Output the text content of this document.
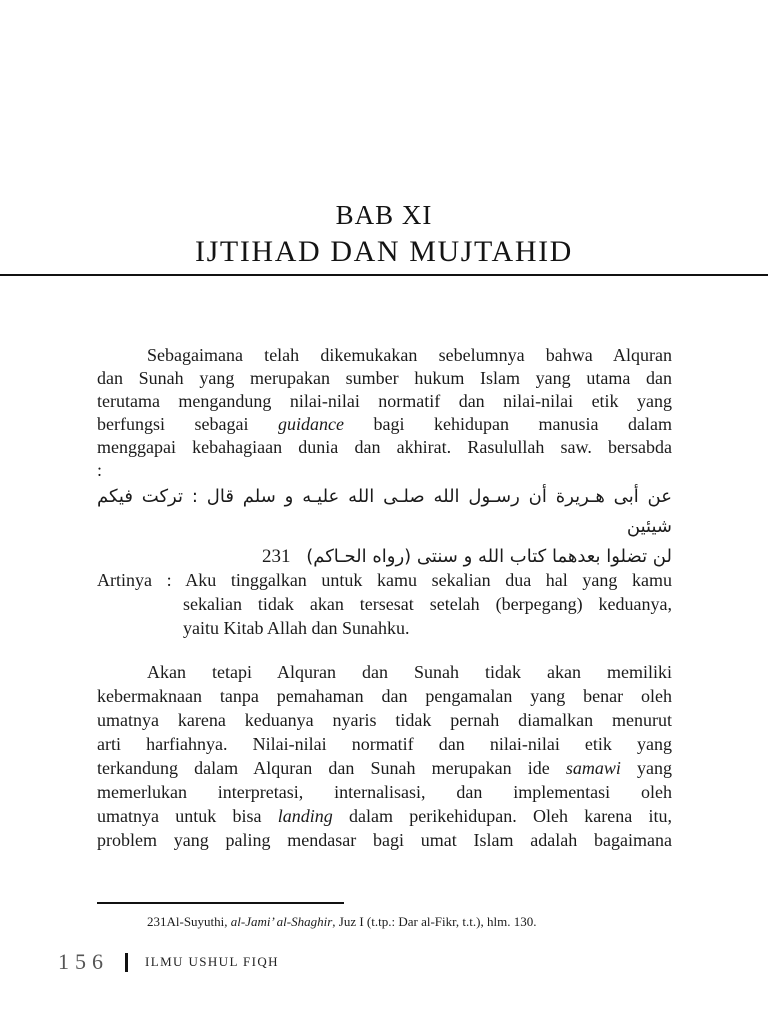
BAB XI
IJTIHAD DAN MUJTAHID
Sebagaimana telah dikemukakan sebelumnya bahwa Alquran
dan Sunah yang merupakan sumber hukum Islam yang utama dan
terutama mengandung nilai-nilai normatif dan nilai-nilai etik yang
berfungsi sebagai guidance bagi kehidupan manusia dalam
menggapai kebahagiaan dunia dan akhirat. Rasulullah saw. bersabda
:
عن أبى هـريرة أن رسـول الله صلـى الله عليـه و سلم قال : تركت فيكم شيئين
لن تضلوا بعدهما كتاب الله و سنتى (رواه الحـاكم) 231
Artinya : Aku tinggalkan untuk kamu sekalian dua hal yang kamu
sekalian tidak akan tersesat setelah (berpegang) keduanya,
yaitu Kitab Allah dan Sunahku.
Akan tetapi Alquran dan Sunah tidak akan memiliki
kebermaknaan tanpa pemahaman dan pengamalan yang benar oleh
umatnya karena keduanya nyaris tidak pernah diamalkan menurut
arti harfiahnya. Nilai-nilai normatif dan nilai-nilai etik yang
terkandung dalam Alquran dan Sunah merupakan ide samawi yang
memerlukan interpretasi, internalisasi, dan implementasi oleh
umatnya untuk bisa landing dalam perikehidupan. Oleh karena itu,
problem yang paling mendasar bagi umat Islam adalah bagaimana
231Al-Suyuthi, al-Jami’ al-Shaghir, Juz I (t.tp.: Dar al-Fikr, t.t.), hlm. 130.
156	ILMU USHUL FIQH
